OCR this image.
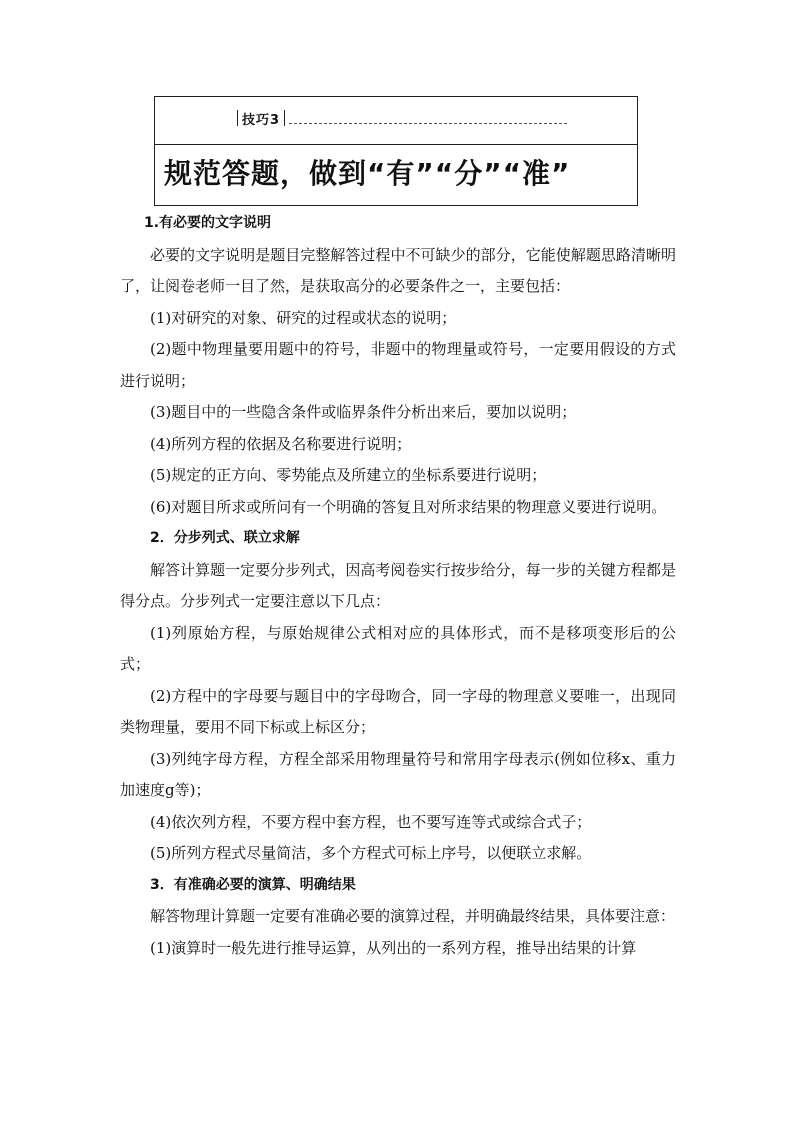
技巧3
规范答题，做到“有”“分”“准”

1.有必要的文字说明

必要的文字说明是题目完整解答过程中不可缺少的部分，它能使解题思路清晰明了，让阅卷老师一目了然，是获取高分的必要条件之一，主要包括：

(1)对研究的对象、研究的过程或状态的说明；

(2)题中物理量要用题中的符号，非题中的物理量或符号，一定要用假设的方式进行说明；

(3)题目中的一些隐含条件或临界条件分析出来后，要加以说明；

(4)所列方程的依据及名称要进行说明；

(5)规定的正方向、零势能点及所建立的坐标系要进行说明；

(6)对题目所求或所问有一个明确的答复且对所求结果的物理意义要进行说明。

2．分步列式、联立求解

解答计算题一定要分步列式，因高考阅卷实行按步给分，每一步的关键方程都是得分点。分步列式一定要注意以下几点：

(1)列原始方程，与原始规律公式相对应的具体形式，而不是移项变形后的公式；

(2)方程中的字母要与题目中的字母吻合，同一字母的物理意义要唯一，出现同类物理量，要用不同下标或上标区分；

(3)列纯字母方程，方程全部采用物理量符号和常用字母表示(例如位移x、重力加速度g等)；

(4)依次列方程，不要方程中套方程，也不要写连等式或综合式子；

(5)所列方程式尽量简洁，多个方程式可标上序号，以便联立求解。

3．有准确必要的演算、明确结果

解答物理计算题一定要有准确必要的演算过程，并明确最终结果，具体要注意：

(1)演算时一般先进行推导运算，从列出的一系列方程，推导出结果的计算
